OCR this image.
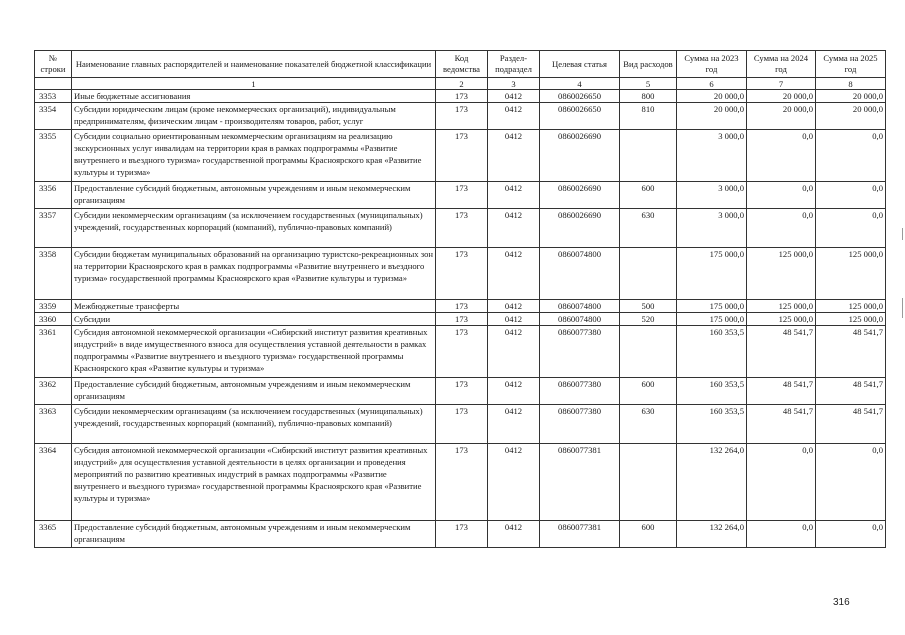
№ строки	Наименование главных распорядителей и наименование показателей бюджетной классификации	Код ведомства	Раздел-подраздел	Целевая статья	Вид расходов	Сумма на 2023 год	Сумма на 2024 год	Сумма на 2025 год
	1	2	3	4	5	6	7	8
3353	Иные бюджетные ассигнования	173	0412	0860026650	800	20 000,0	20 000,0	20 000,0
3354	Субсидии юридическим лицам (кроме некоммерческих организаций), индивидуальным предпринимателям, физическим лицам - производителям товаров, работ, услуг	173	0412	0860026650	810	20 000,0	20 000,0	20 000,0
3355	Субсидии социально ориентированным некоммерческим организациям на реализацию экскурсионных услуг инвалидам на территории края в рамках подпрограммы «Развитие внутреннего и въездного туризма» государственной программы Красноярского края «Развитие культуры и туризма»	173	0412	0860026690		3 000,0	0,0	0,0
3356	Предоставление субсидий бюджетным, автономным учреждениям и иным некоммерческим организациям	173	0412	0860026690	600	3 000,0	0,0	0,0
3357	Субсидии некоммерческим организациям (за исключением государственных (муниципальных) учреждений, государственных корпораций (компаний), публично-правовых компаний)	173	0412	0860026690	630	3 000,0	0,0	0,0
3358	Субсидии бюджетам муниципальных образований на организацию туристско-рекреационных зон на территории Красноярского края в рамках подпрограммы «Развитие внутреннего и въездного туризма» государственной программы Красноярского края «Развитие культуры и туризма»	173	0412	0860074800		175 000,0	125 000,0	125 000,0
3359	Межбюджетные трансферты	173	0412	0860074800	500	175 000,0	125 000,0	125 000,0
3360	Субсидии	173	0412	0860074800	520	175 000,0	125 000,0	125 000,0
3361	Субсидия автономной некоммерческой организации «Сибирский институт развития креативных индустрий» в виде имущественного взноса для осуществления уставной деятельности в рамках подпрограммы «Развитие внутреннего и въездного туризма» государственной программы Красноярского края «Развитие культуры и туризма»	173	0412	0860077380		160 353,5	48 541,7	48 541,7
3362	Предоставление субсидий бюджетным, автономным учреждениям и иным некоммерческим организациям	173	0412	0860077380	600	160 353,5	48 541,7	48 541,7
3363	Субсидии некоммерческим организациям (за исключением государственных (муниципальных) учреждений, государственных корпораций (компаний), публично-правовых компаний)	173	0412	0860077380	630	160 353,5	48 541,7	48 541,7
3364	Субсидия автономной некоммерческой организации «Сибирский институт развития креативных индустрий» для осуществления уставной деятельности в целях организации и проведения мероприятий по развитию креативных индустрий в рамках подпрограммы «Развитие внутреннего и въездного туризма» государственной программы Красноярского края «Развитие культуры и туризма»	173	0412	0860077381		132 264,0	0,0	0,0
3365	Предоставление субсидий бюджетным, автономным учреждениям и иным некоммерческим организациям	173	0412	0860077381	600	132 264,0	0,0	0,0
316
